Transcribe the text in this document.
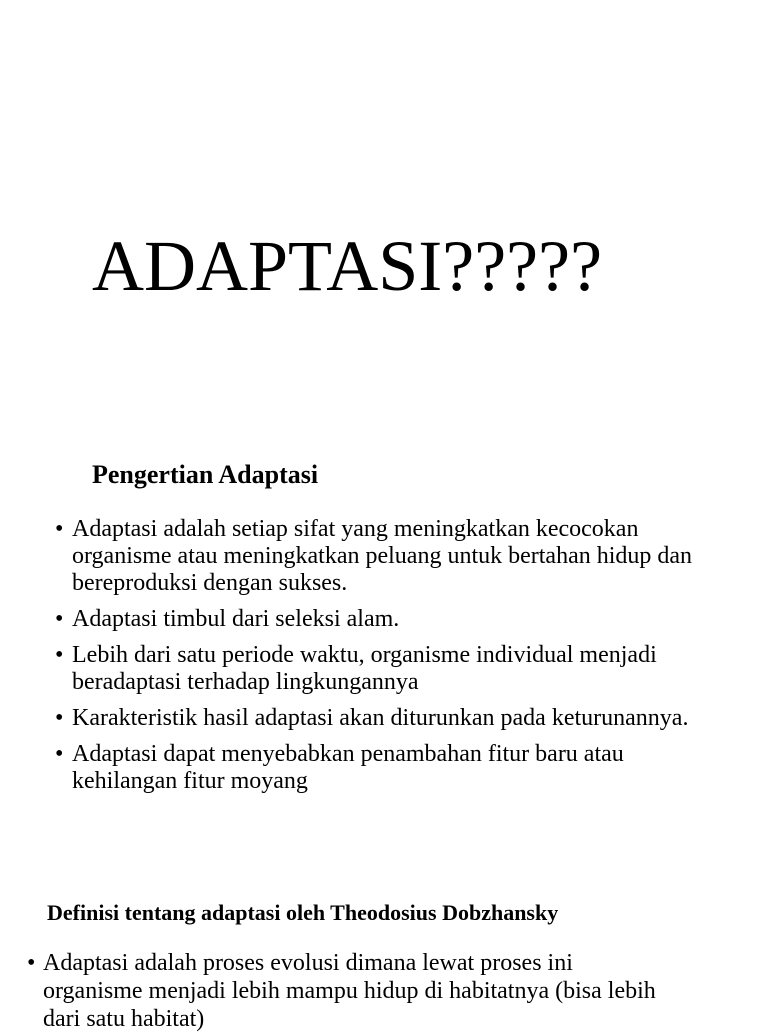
ADAPTASI?????
Pengertian Adaptasi
• Adaptasi adalah setiap sifat yang meningkatkan kecocokan organisme atau meningkatkan peluang untuk bertahan hidup dan bereproduksi dengan sukses.
• Adaptasi timbul dari seleksi alam.
• Lebih dari satu periode waktu, organisme individual menjadi beradaptasi terhadap lingkungannya
• Karakteristik hasil adaptasi akan diturunkan pada keturunannya.
• Adaptasi dapat menyebabkan penambahan fitur baru atau kehilangan fitur moyang
Definisi tentang adaptasi oleh Theodosius Dobzhansky
• Adaptasi adalah proses evolusi dimana lewat proses ini organisme menjadi lebih mampu hidup di habitatnya (bisa lebih dari satu habitat)
